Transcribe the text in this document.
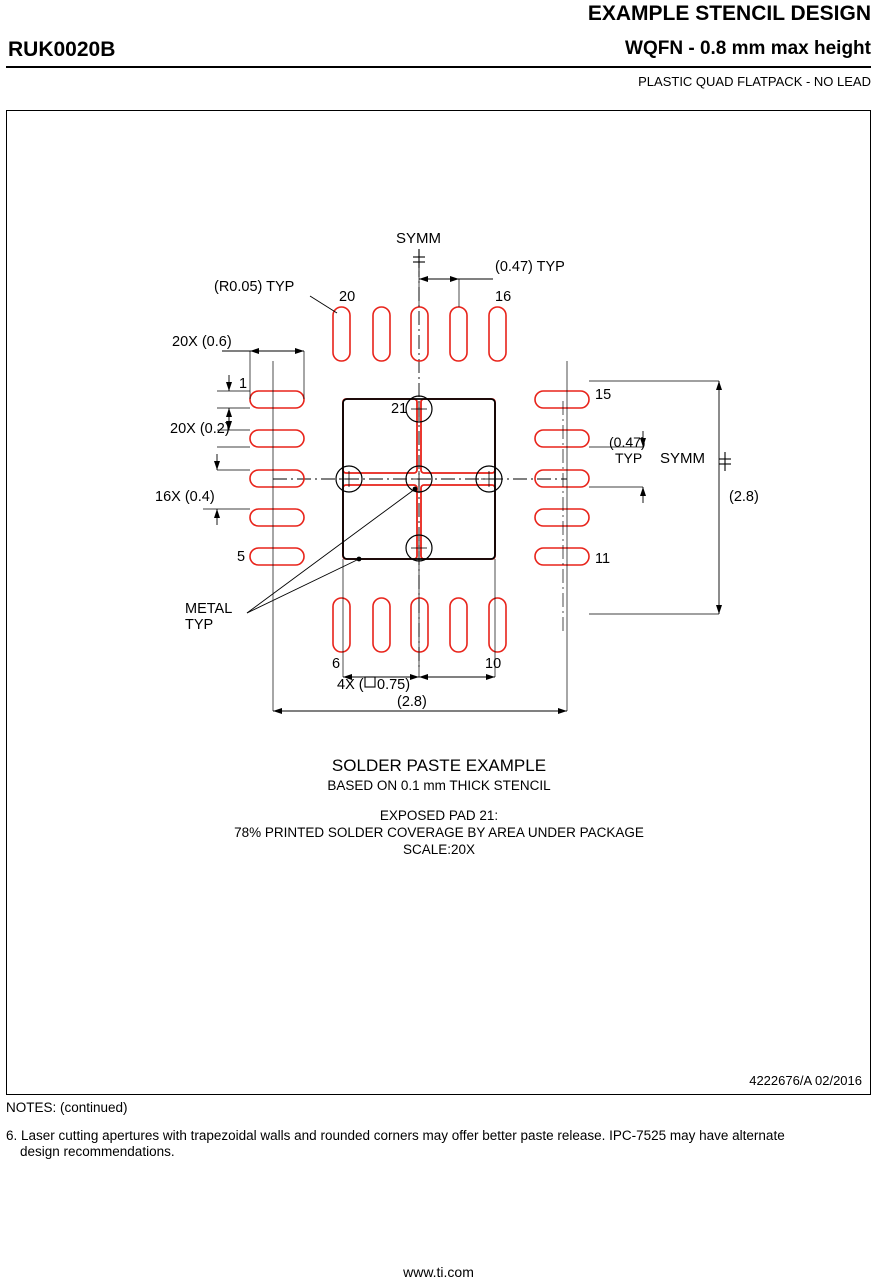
EXAMPLE STENCIL DESIGN
RUK0020B	WQFN - 0.8 mm max height
PLASTIC QUAD FLATPACK - NO LEAD
SYMM
(0.47) TYP
(R0.05) TYP
20X (0.6)
20X (0.2)
16X (0.4)
20	16
1
5
6	10
11
15
21
(0.47)
TYP SYMM
(2.8)
METAL
TYP
4X ( 0.75)
(2.8)
SOLDER PASTE EXAMPLE
BASED ON 0.1 mm THICK STENCIL
EXPOSED PAD 21:
78% PRINTED SOLDER COVERAGE BY AREA UNDER PACKAGE
SCALE:20X
4222676/A 02/2016
NOTES: (continued)
6. Laser cutting apertures with trapezoidal walls and rounded corners may offer better paste release. IPC-7525 may have alternate
design recommendations.
www.ti.com
